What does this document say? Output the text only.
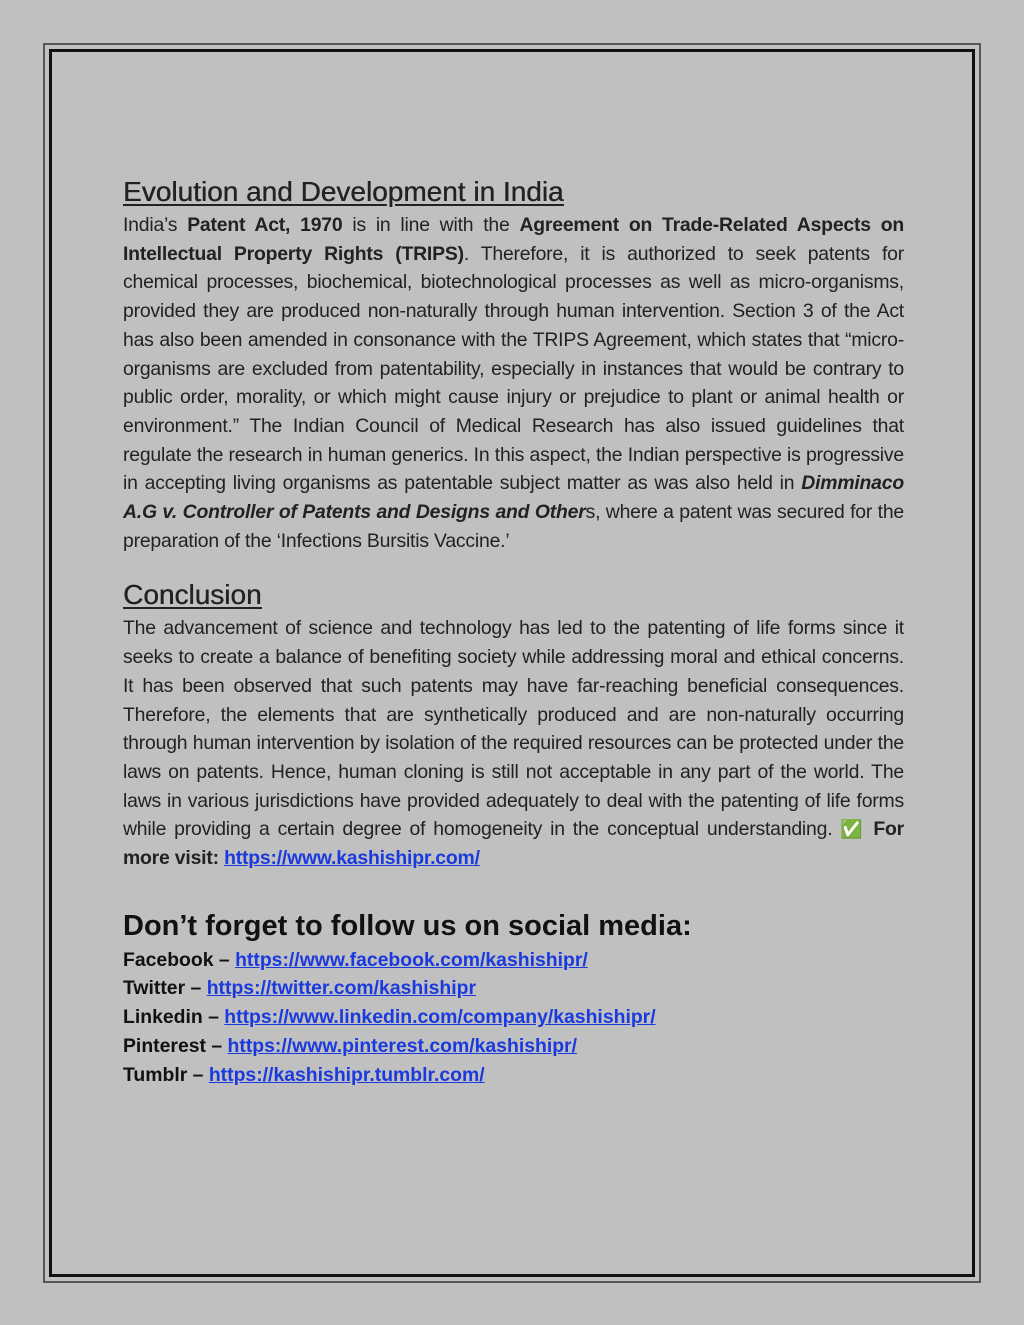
Evolution and Development in India

India’s Patent Act, 1970 is in line with the Agreement on Trade-Related Aspects on Intellectual Property Rights (TRIPS). Therefore, it is authorized to seek patents for chemical processes, biochemical, biotechnological processes as well as micro-organisms, provided they are produced non-naturally through human intervention. Section 3 of the Act has also been amended in consonance with the TRIPS Agreement, which states that “micro-organisms are excluded from patentability, especially in instances that would be contrary to public order, morality, or which might cause injury or prejudice to plant or animal health or environment.” The Indian Council of Medical Research has also issued guidelines that regulate the research in human generics. In this aspect, the Indian perspective is progressive in accepting living organisms as patentable subject matter as was also held in Dimminaco A.G v. Controller of Patents and Designs and Others, where a patent was secured for the preparation of the ‘Infections Bursitis Vaccine.’

Conclusion

The advancement of science and technology has led to the patenting of life forms since it seeks to create a balance of benefiting society while addressing moral and ethical concerns. It has been observed that such patents may have far-reaching beneficial consequences. Therefore, the elements that are synthetically produced and are non-naturally occurring through human intervention by isolation of the required resources can be protected under the laws on patents. Hence, human cloning is still not acceptable in any part of the world. The laws in various jurisdictions have provided adequately to deal with the patenting of life forms while providing a certain degree of homogeneity in the conceptual understanding. ✅ For more visit: https://www.kashishipr.com/

Don’t forget to follow us on social media:
Facebook – https://www.facebook.com/kashishipr/
Twitter – https://twitter.com/kashishipr
Linkedin – https://www.linkedin.com/company/kashishipr/
Pinterest – https://www.pinterest.com/kashishipr/
Tumblr – https://kashishipr.tumblr.com/
